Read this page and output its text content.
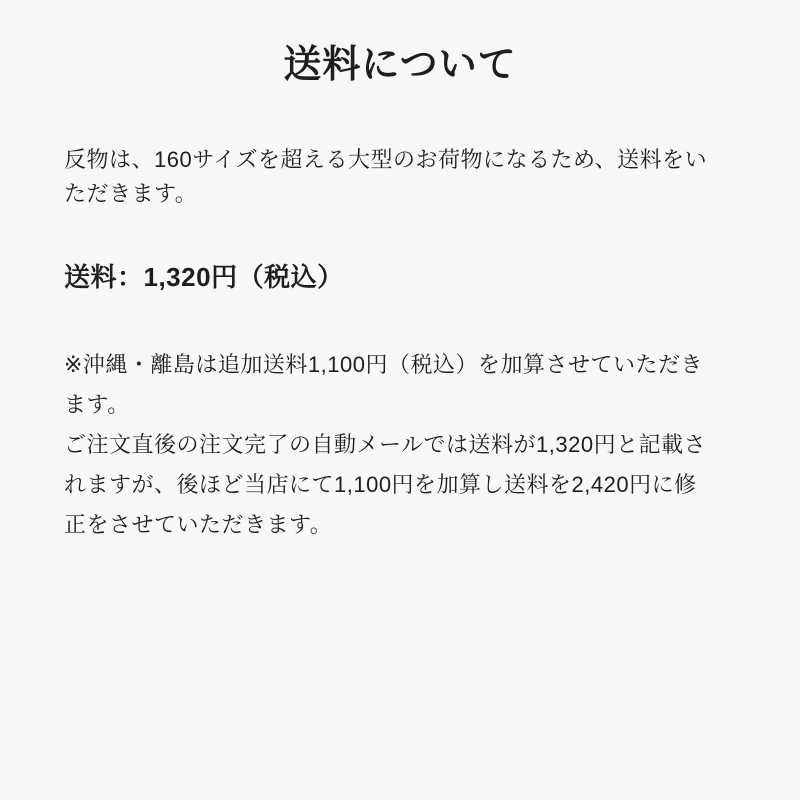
送料について
反物は、160サイズを超える大型のお荷物になるため、送料をい
ただきます。
送料：1,320円（税込）
※沖縄・離島は追加送料1,100円（税込）を加算させていただき
ます。
ご注文直後の注文完了の自動メールでは送料が1,320円と記載さ
れますが、後ほど当店にて1,100円を加算し送料を2,420円に修
正をさせていただきます。
